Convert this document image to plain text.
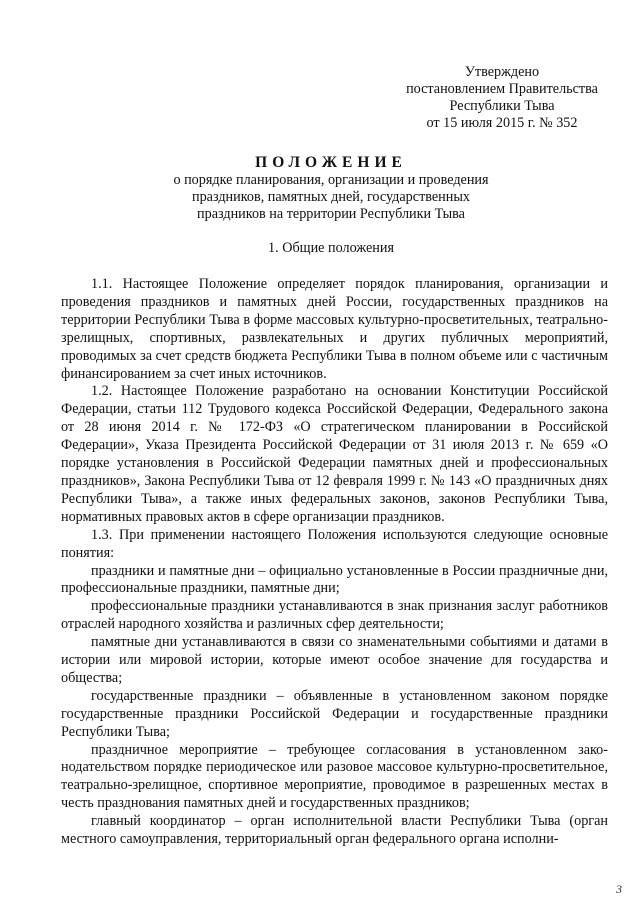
Утверждено
постановлением Правительства
Республики Тыва
от 15 июля 2015 г. № 352
ПОЛОЖЕНИЕ
о порядке планирования, организации и проведения
праздников, памятных дней, государственных
праздников на территории Республики Тыва
1. Общие положения

1.1. Настоящее Положение определяет порядок планирования, организации и проведения праздников и памятных дней России, государственных праздников на территории Республики Тыва в форме массовых культурно-просветительных, театрально-зрелищных, спортивных, развлекательных и других публичных мероприятий, проводимых за счет средств бюджета Республики Тыва в полном объеме или с частичным финансированием за счет иных источников.

1.2. Настоящее Положение разработано на основании Конституции Российской Федерации, статьи 112 Трудового кодекса Российской Федерации, Федерального закона от 28 июня 2014 г. № 172-ФЗ «О стратегическом планировании в Российской Федерации», Указа Президента Российской Федерации от 31 июля 2013 г. № 659 «О порядке установления в Российской Федерации памятных дней и профессиональных праздников», Закона Республики Тыва от 12 февраля 1999 г. № 143 «О праздничных днях Республики Тыва», а также иных федеральных законов, законов Республики Тыва, нормативных правовых актов в сфере организации праздников.

1.3. При применении настоящего Положения используются следующие основные понятия:

праздники и памятные дни – официально установленные в России праздничные дни, профессиональные праздники, памятные дни;

профессиональные праздники устанавливаются в знак признания заслуг работников отраслей народного хозяйства и различных сфер деятельности;

памятные дни устанавливаются в связи со знаменательными событиями и датами в истории или мировой истории, которые имеют особое значение для государства и общества;

государственные праздники – объявленные в установленном законом порядке государственные праздники Российской Федерации и государственные праздники Республики Тыва;

праздничное мероприятие – требующее согласования в установленном законодательством порядке периодическое или разовое массовое культурно-просветительное, театрально-зрелищное, спортивное мероприятие, проводимое в разрешенных местах в честь празднования памятных дней и государственных праздников;

главный координатор – орган исполнительной власти Республики Тыва (орган местного самоуправления, территориальный орган федерального органа исполни-

3
